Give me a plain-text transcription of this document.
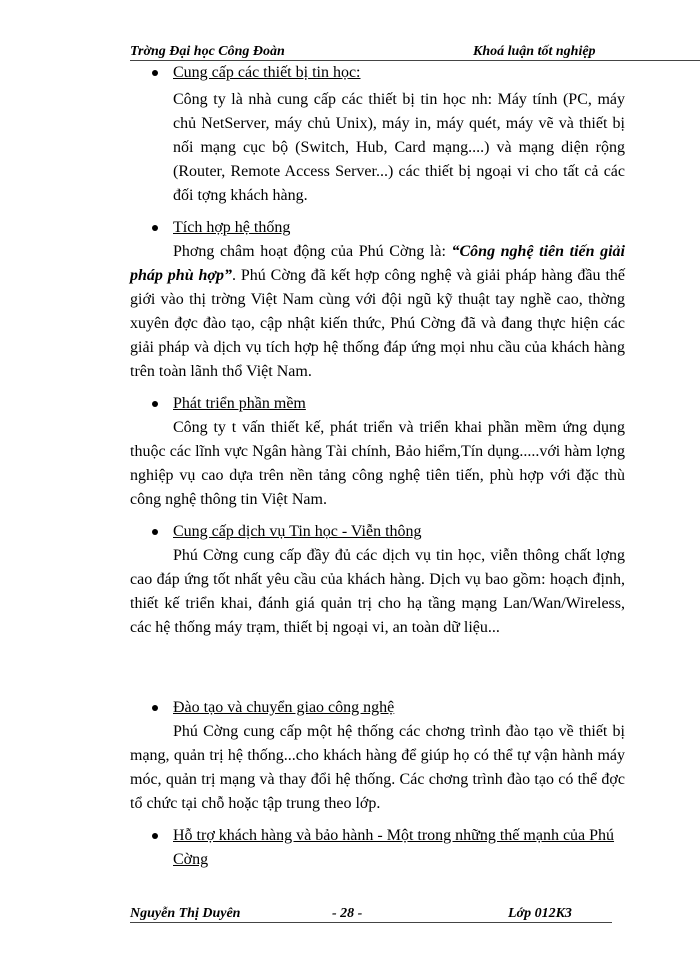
Trờng Đại học Công Đoàn	Khoá luận tốt nghiệp
Cung cấp các thiết bị tin học:
Công ty là nhà cung cấp các thiết bị tin học nh: Máy tính (PC, máy chủ NetServer, máy chủ Unix), máy in, máy quét, máy vẽ và thiết bị nối mạng cục bộ (Switch, Hub, Card mạng....) và mạng diện rộng (Router, Remote Access Server...) các thiết bị ngoại vi cho tất cả các đối tợng khách hàng.
Tích hợp hệ thống
Phơng châm hoạt động của Phú Cờng là: “Công nghệ tiên tiến giải pháp phù hợp”. Phú Cờng đã kết hợp công nghệ và giải pháp hàng đầu thế giới vào thị trờng Việt Nam cùng với đội ngũ kỹ thuật tay nghề cao, thờng xuyên đợc đào tạo, cập nhật kiến thức, Phú Cờng đã và đang thực hiện các giải pháp và dịch vụ tích hợp hệ thống đáp ứng mọi nhu cầu của khách hàng trên toàn lãnh thổ Việt Nam.
Phát triển phần mềm
Công ty t vấn thiết kế, phát triển và triển khai phần mềm ứng dụng thuộc các lĩnh vực Ngân hàng Tài chính, Bảo hiểm,Tín dụng.....với hàm lợng nghiệp vụ cao dựa trên nền tảng công nghệ tiên tiến, phù hợp với đặc thù công nghệ thông tin Việt Nam.
Cung cấp dịch vụ Tin học - Viễn thông
Phú Cờng cung cấp đầy đủ các dịch vụ tin học, viễn thông chất lợng cao đáp ứng tốt nhất yêu cầu của khách hàng. Dịch vụ bao gồm: hoạch định, thiết kế triển khai, đánh giá quản trị cho hạ tầng mạng Lan/Wan/Wireless, các hệ thống máy trạm, thiết bị ngoại vi, an toàn dữ liệu...
Đào tạo và chuyển giao công nghệ
Phú Cờng cung cấp một hệ thống các chơng trình đào tạo về thiết bị mạng, quản trị hệ thống...cho khách hàng để giúp họ có thể tự vận hành máy móc, quản trị mạng và thay đổi hệ thống. Các chơng trình đào tạo có thể đợc tổ chức tại chỗ hoặc tập trung theo lớp.
Hỗ trợ khách hàng và bảo hành - Một trong những thế mạnh của Phú Cờng
Nguyễn Thị Duyên	- 28 -	Lớp 012K3
